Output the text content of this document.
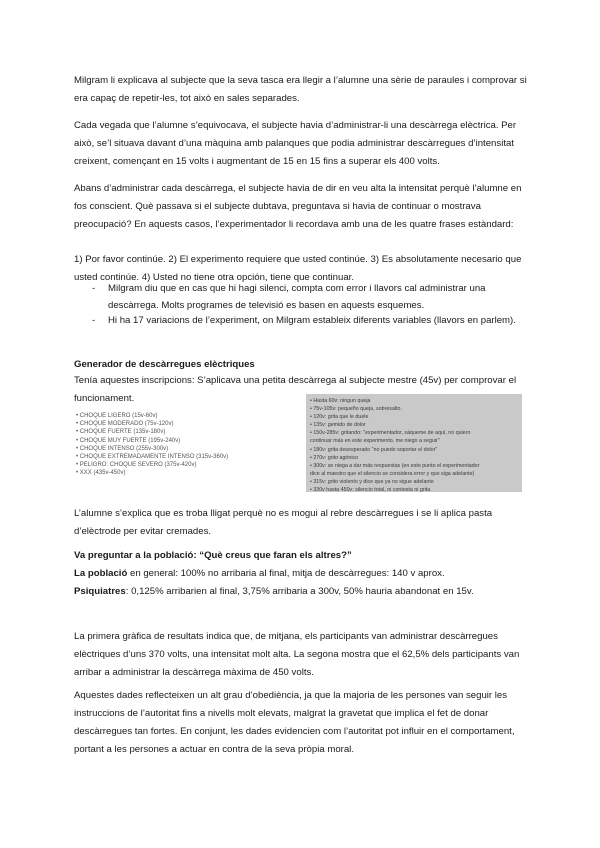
Milgram li explicava al subjecte que la seva tasca era llegir a l’alumne una sèrie de paraules i comprovar si era capaç de repetir-les, tot això en sales separades.

Cada vegada que l’alumne s’equivocava, el subjecte havia d’administrar-li una descàrrega elèctrica. Per això, se’l situava davant d’una màquina amb palanques que podia administrar descàrregues d’intensitat creixent, començant en 15 volts i augmentant de 15 en 15 fins a superar els 400 volts.

Abans d’administrar cada descàrrega, el subjecte havia de dir en veu alta la intensitat perquè l’alumne en fos conscient. Què passava si el subjecte dubtava, preguntava si havia de continuar o mostrava preocupació? En aquests casos, l’experimentador li recordava amb una de les quatre frases estàndard:

1) Por favor continúe. 2) El experimento requiere que usted continúe. 3) Es absolutamente necesario que usted continúe. 4) Usted no tiene otra opción, tiene que continuar.

- Milgram diu que en cas que hi hagi silenci, compta com error i llavors cal administrar una descàrrega. Molts programes de televisió es basen en aquests esquemes.
- Hi ha 17 variacions de l’experiment, on Milgram estableix diferents variables (llavors en parlem).

Generador de descàrregues elèctriques

Tenía aquestes inscripcions: S’aplicava una petita descàrrega al subjecte mestre (45v) per comprovar el funcionament.

• CHOQUE LIGERO (15v-60v)
• CHOQUE MODERADO (75v-120v)
• CHOQUE FUERTE (135v-180v)
• CHOQUE MUY FUERTE (195v-240v)
• CHOQUE INTENSO (255v-300v)
• CHOQUE EXTREMADAMENTE INTENSO (315v-360v)
• PELIGRO: CHOQUE SEVERO (375v-420v)
• XXX (435v-450v)
• Hasta 60v: ningun queja
• 75v-105v: pequeño queja, sobresalto.
• 120v: grita que le duele
• 135v: gemido de dolor
• 150v-285v: gritando: "experimentador, sáqueme de aquí, no quiero
continuar más en este experimento, me niego a seguir"
• 180v: grita desesperado "no puedo soportar el dolor"
• 270v: grito agónico
• 300v: se niega a dar más respuestas (en este punto el experimentador
dice al maestro que el silencio se considera error y que siga adelante)
• 315v: grito violento y dice que ya no sigue adelante
• 330v hasta 450v: silencio total, ni contesta ni grita

L’alumne s’explica que es troba lligat perquè no es mogui al rebre descàrregues i se li aplica pasta d’elèctrode per evitar cremades.

Va preguntar a la població: “Què creus que faran els altres?”

La població en general: 100% no arribaria al final, mitja de descàrregues: 140 v aprox.

Psiquiatres: 0,125% arribarien al final, 3,75% arribaria a 300v, 50% hauria abandonat en 15v.

La primera gràfica de resultats indica que, de mitjana, els participants van administrar descàrregues elèctriques d’uns 370 volts, una intensitat molt alta. La segona mostra que el 62,5% dels participants van arribar a administrar la descàrrega màxima de 450 volts.

Aquestes dades reflecteixen un alt grau d’obediència, ja que la majoria de les persones van seguir les instruccions de l’autoritat fins a nivells molt elevats, malgrat la gravetat que implica el fet de donar descàrregues tan fortes. En conjunt, les dades evidencien com l’autoritat pot influir en el comportament, portant a les persones a actuar en contra de la seva pròpia moral.
